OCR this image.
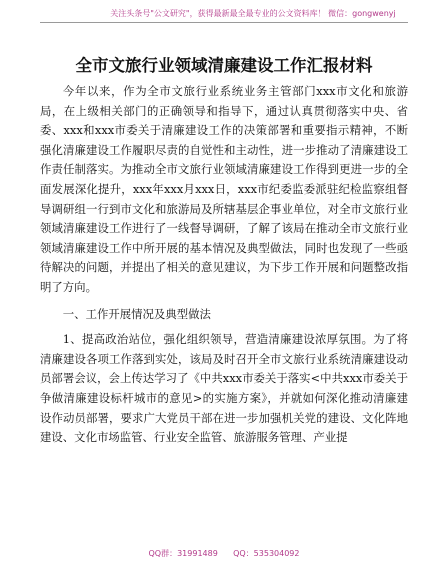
关注头条号"公文研究"，获得最新最全最专业的公文资料库！ 微信：gongwenyj
全市文旅行业领域清廉建设工作汇报材料

今年以来，作为全市文旅行业系统业务主管部门xxx市文化和旅游局，在上级相关部门的正确领导和指导下，通过认真贯彻落实中央、省委、xxx和xxx市委关于清廉建设工作的决策部署和重要指示精神，不断强化清廉建设工作履职尽责的自觉性和主动性，进一步推动了清廉建设工作责任制落实。为推动全市文旅行业领域清廉建设工作得到更进一步的全面发展深化提升，xxx年xxx月xxx日，xxx市纪委监委派驻纪检监察组督导调研组一行到市文化和旅游局及所辖基层企事业单位，对全市文旅行业领域清廉建设工作进行了一线督导调研，了解了该局在推动全市文旅行业领域清廉建设工作中所开展的基本情况及典型做法，同时也发现了一些亟待解决的问题，并提出了相关的意见建议，为下步工作开展和问题整改指明了方向。

一、工作开展情况及典型做法

1、提高政治站位，强化组织领导，营造清廉建设浓厚氛围。为了将清廉建设各项工作落到实处，该局及时召开全市文旅行业系统清廉建设动员部署会议，会上传达学习了《中共xxx市委关于落实<中共xxx市委关于争做清廉建设标杆城市的意见>的实施方案》，并就如何深化推动清廉建设作动员部署，要求广大党员干部在进一步加强机关党的建设、文化阵地建设、文化市场监管、行业安全监管、旅游服务管理、产业提

QQ群：31991489 QQ：535304092
